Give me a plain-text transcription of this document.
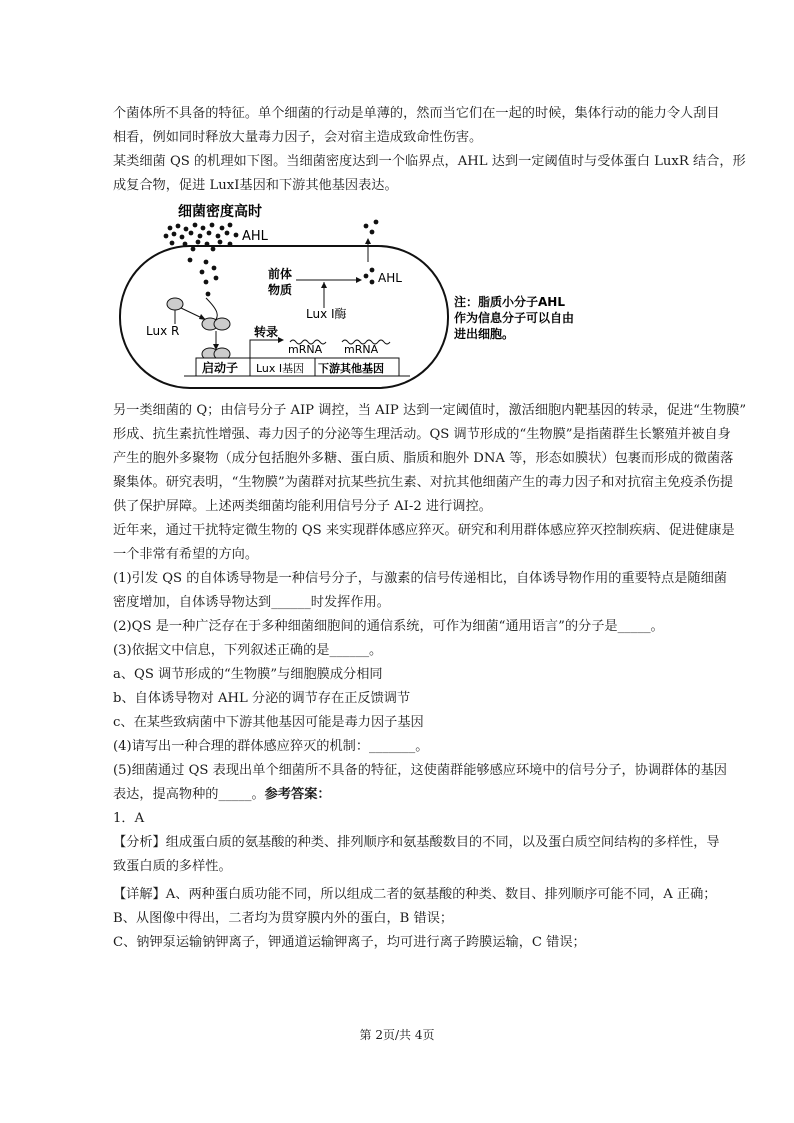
个菌体所不具备的特征。单个细菌的行动是单薄的，然而当它们在一起的时候，集体行动的能力令人刮目
相看，例如同时释放大量毒力因子，会对宿主造成致命性伤害。
某类细菌 QS 的机理如下图。当细菌密度达到一个临界点，AHL 达到一定阈值时与受体蛋白 LuxR 结合，形
成复合物，促进 LuxI基因和下游其他基因表达。
细菌密度高时
AHL
AHL
前体
物质
Lux I酶
Lux R	转录
mRNA mRNA
启动子 Lux I基因 下游其他基因
注：脂质小分子AHL
作为信息分子可以自由
进出细胞。
另一类细菌的 Q；由信号分子 AIP 调控，当 AIP 达到一定阈值时，激活细胞内靶基因的转录，促进“生物膜”
形成、抗生素抗性增强、毒力因子的分泌等生理活动。QS 调节形成的“生物膜”是指菌群生长繁殖并被自身
产生的胞外多聚物（成分包括胞外多糖、蛋白质、脂质和胞外 DNA 等，形态如膜状）包裹而形成的微菌落
聚集体。研究表明，“生物膜”为菌群对抗某些抗生素、对抗其他细菌产生的毒力因子和对抗宿主免疫杀伤提
供了保护屏障。上述两类细菌均能利用信号分子 AI-2 进行调控。
近年来，通过干扰特定微生物的 QS 来实现群体感应猝灭。研究和利用群体感应猝灭控制疾病、促进健康是
一个非常有希望的方向。
(1)引发 QS 的自体诱导物是一种信号分子，与激素的信号传递相比，自体诱导物作用的重要特点是随细菌
密度增加，自体诱导物达到______时发挥作用。
(2)QS 是一种广泛存在于多种细菌细胞间的通信系统，可作为细菌“通用语言”的分子是_____。
(3)依据文中信息，下列叙述正确的是______。
a、QS 调节形成的“生物膜”与细胞膜成分相同
b、自体诱导物对 AHL 分泌的调节存在正反馈调节
c、在某些致病菌中下游其他基因可能是毒力因子基因
(4)请写出一种合理的群体感应猝灭的机制：_______。
(5)细菌通过 QS 表现出单个细菌所不具备的特征，这使菌群能够感应环境中的信号分子，协调群体的基因
表达，提高物种的_____。参考答案：
1．A
【分析】组成蛋白质的氨基酸的种类、排列顺序和氨基酸数目的不同，以及蛋白质空间结构的多样性，导
致蛋白质的多样性。
【详解】A、两种蛋白质功能不同，所以组成二者的氨基酸的种类、数目、排列顺序可能不同，A 正确；
B、从图像中得出，二者均为贯穿膜内外的蛋白，B 错误；
C、钠钾泵运输钠钾离子，钾通道运输钾离子，均可进行离子跨膜运输，C 错误；
第 2页/共 4页
